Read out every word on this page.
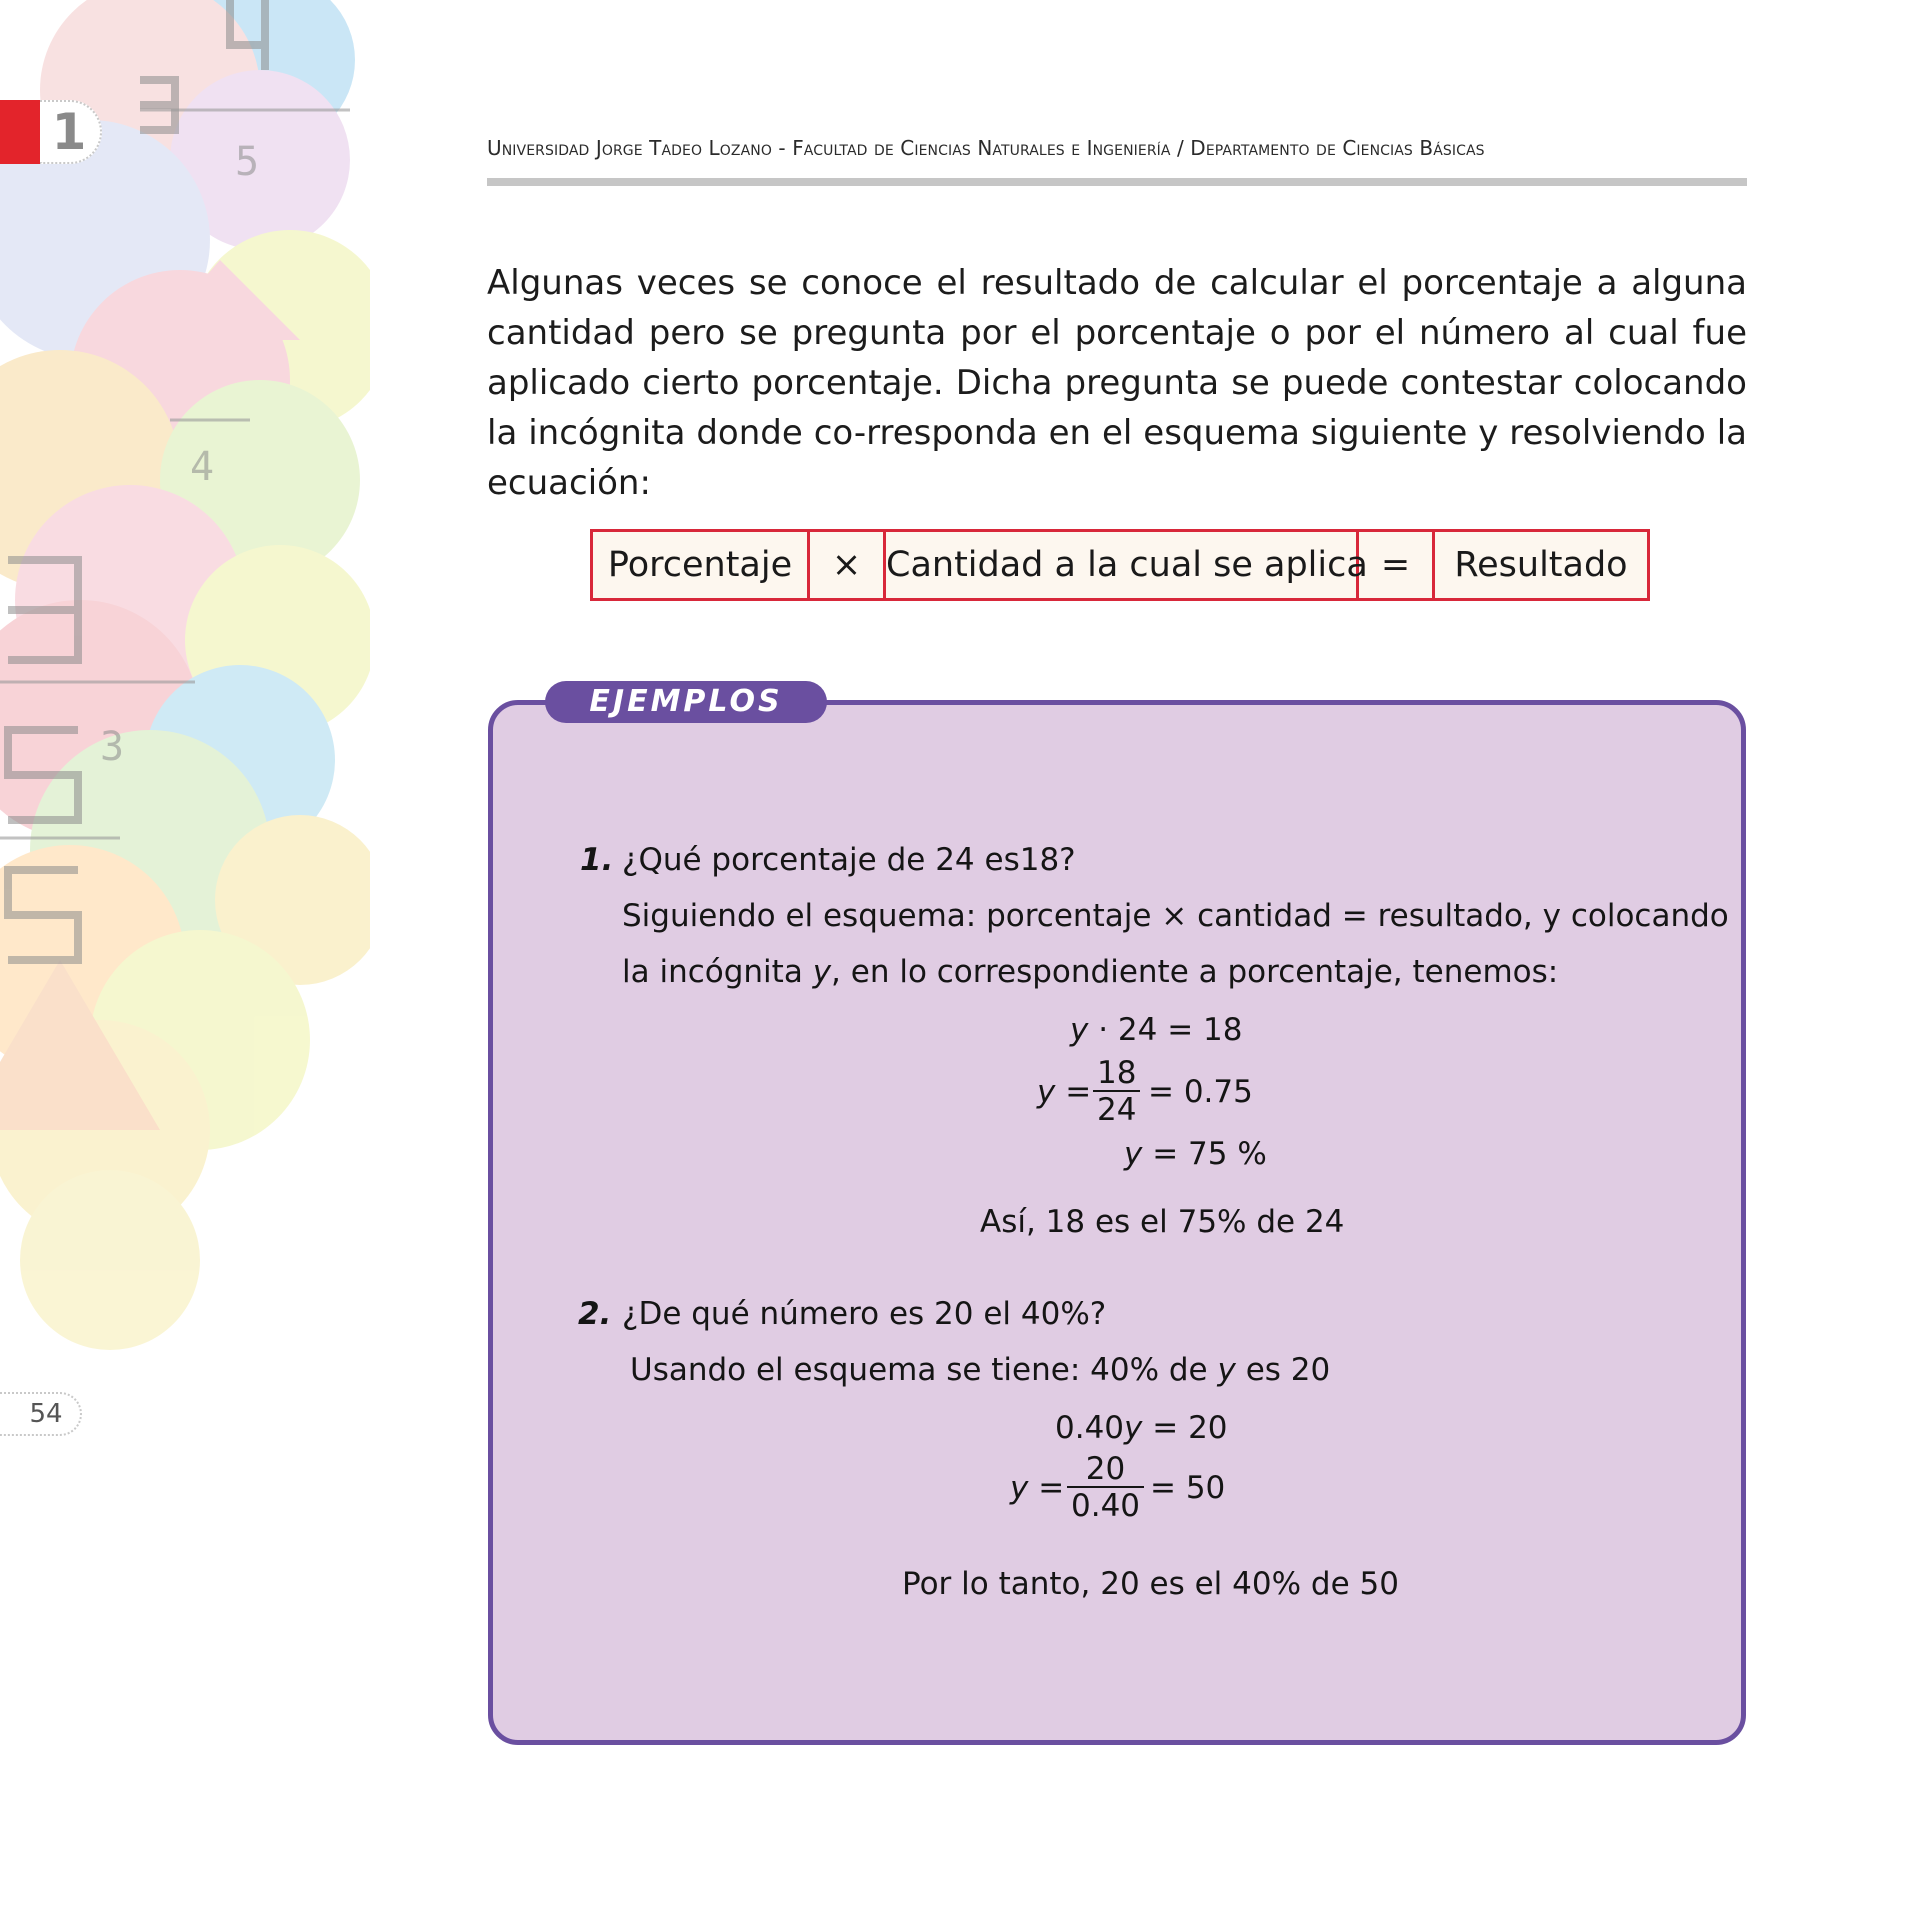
5
3
4
1
54
Universidad Jorge Tadeo Lozano - Facultad de Ciencias Naturales e Ingeniería / Departamento de Ciencias Básicas
Algunas veces se conoce el resultado de calcular el porcentaje a alguna cantidad pero se pregunta por el porcentaje o por el número al cual fue aplicado cierto porcentaje. Dicha pregunta se puede contestar colocando la incógnita donde co-rresponda en el esquema siguiente y resolviendo la ecuación:
Porcentaje	× Cantidad a la cual se aplica =	Resultado
EJEMPLOS
1. ¿Qué porcentaje de 24 es18?
Siguiendo el esquema: porcentaje × cantidad = resultado, y colocando
la incógnita y, en lo correspondiente a porcentaje, tenemos:
y · 24 = 18
$y = \frac{18}{24} = 0.75$
y = 75 %
Así, 18 es el 75% de 24
2. ¿De qué número es 20 el 40%?
Usando el esquema se tiene: 40% de y es 20
0.40y = 20
$y = \frac{20}{0.40} = 50$
Por lo tanto, 20 es el 40% de 50
